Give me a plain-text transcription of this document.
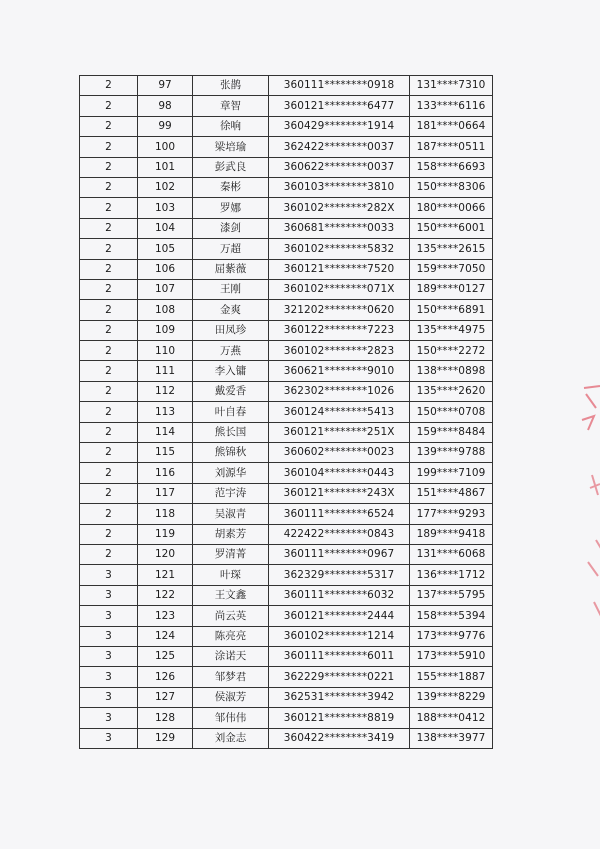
2	97	张鹊	360111********0918	131****7310
2	98	章智	360121********6477	133****6116
2	99	徐响	360429********1914	181****0664
2	100	梁培瑜	362422********0037	187****0511
2	101	彭武良	360622********0037	158****6693
2	102	秦彬	360103********3810	150****8306
2	103	罗娜	360102********282X	180****0066
2	104	漆剑	360681********0033	150****6001
2	105	万超	360102********5832	135****2615
2	106	屈紫薇	360121********7520	159****7050
2	107	王刚	360102********071X	189****0127
2	108	金爽	321202********0620	150****6891
2	109	田凤珍	360122********7223	135****4975
2	110	万燕	360102********2823	150****2272
2	111	李入镛	360621********9010	138****0898
2	112	戴爱香	362302********1026	135****2620
2	113	叶自春	360124********5413	150****0708
2	114	熊长国	360121********251X	159****8484
2	115	熊锦秋	360602********0023	139****9788
2	116	刘源华	360104********0443	199****7109
2	117	范宇涛	360121********243X	151****4867
2	118	吴淑青	360111********6524	177****9293
2	119	胡素芳	422422********0843	189****9418
2	120	罗清菁	360111********0967	131****6068
3	121	叶琛	362329********5317	136****1712
3	122	王文鑫	360111********6032	137****5795
3	123	尚云英	360121********2444	158****5394
3	124	陈亮亮	360102********1214	173****9776
3	125	涂诺天	360111********6011	173****5910
3	126	邹梦君	362229********0221	155****1887
3	127	侯淑芳	362531********3942	139****8229
3	128	邹伟伟	360121********8819	188****0412
3	129	刘金志	360422********3419	138****3977
